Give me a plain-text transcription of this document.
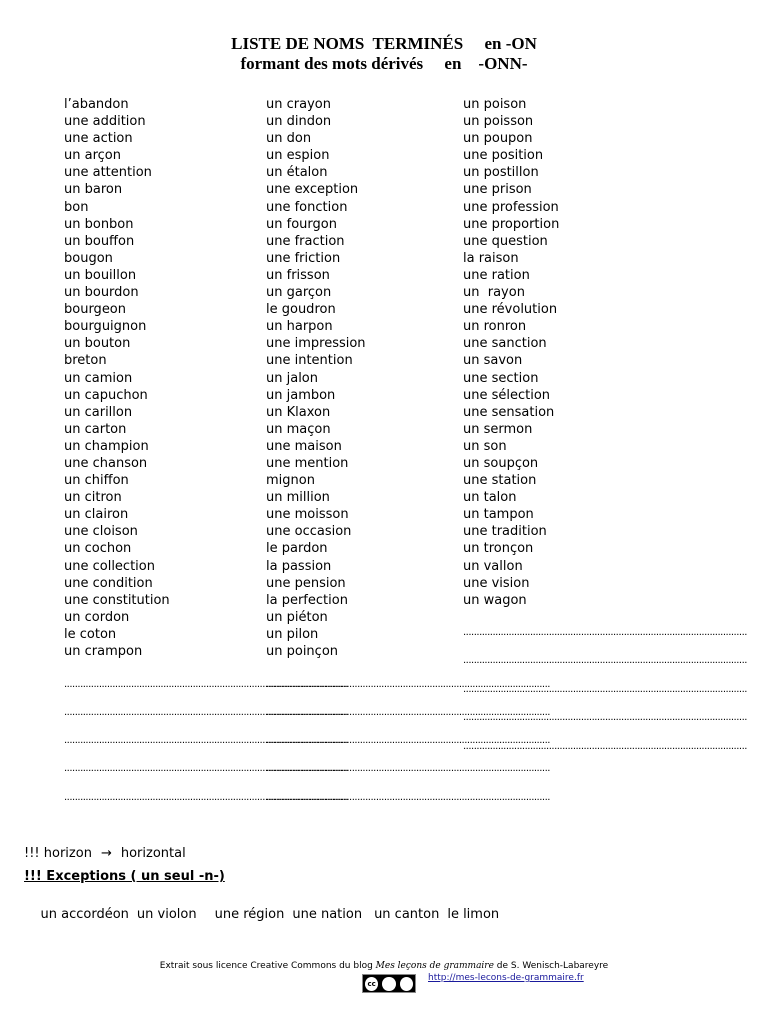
LISTE DE NOMS  TERMINÉS     en -ON
formant des mots dérivés     en    -ONN-
l’abandon
une addition
une action
un arçon
une attention
un baron
bon
un bonbon
un bouffon
bougon
un bouillon
un bourdon
bourgeon
bourguignon
un bouton
breton
un camion
un capuchon
un carillon
un carton
un champion
une chanson
un chiffon
un citron
un clairon
une cloison
un cochon
une collection
une condition
une constitution
un cordon
le coton
un crampon
un crayon
un dindon
un don
un espion
un étalon
une exception
une fonction
un fourgon
une fraction
une friction
un frisson
un garçon
le goudron
un harpon
une impression
une intention
un jalon
un jambon
un Klaxon
un maçon
une maison
une mention
mignon
un million
une moisson
une occasion
le pardon
la passion
une pension
la perfection
un piéton
un pilon
un poinçon
un poison
un poisson
un poupon
une position
un postillon
une prison
une profession
une proportion
une question
la raison
une ration
un  rayon
une révolution
un ronron
une sanction
un savon
une section
une sélection
une sensation
un sermon
un son
un soupçon
une station
un talon
un tampon
une tradition
un tronçon
un vallon
une vision
un wagon
..........................................................................................................
..........................................................................................................
..........................................................................................................
..........................................................................................................
..........................................................................................................
..........................................................................................................
..........................................................................................................
..........................................................................................................
..........................................................................................................
..........................................................................................................
..........................................................................................................
..........................................................................................................
..........................................................................................................
..........................................................................................................
..........................................................................................................
!!! horizon → horizontal
!!! Exceptions ( un seul -n-)

un accordéon un violon une région une nation un canton le limon

Extrait sous licence Creative Commons du blog Mes leçons de grammaire de S. Wenisch-Labareyre
cc
http://mes-lecons-de-grammaire.fr
